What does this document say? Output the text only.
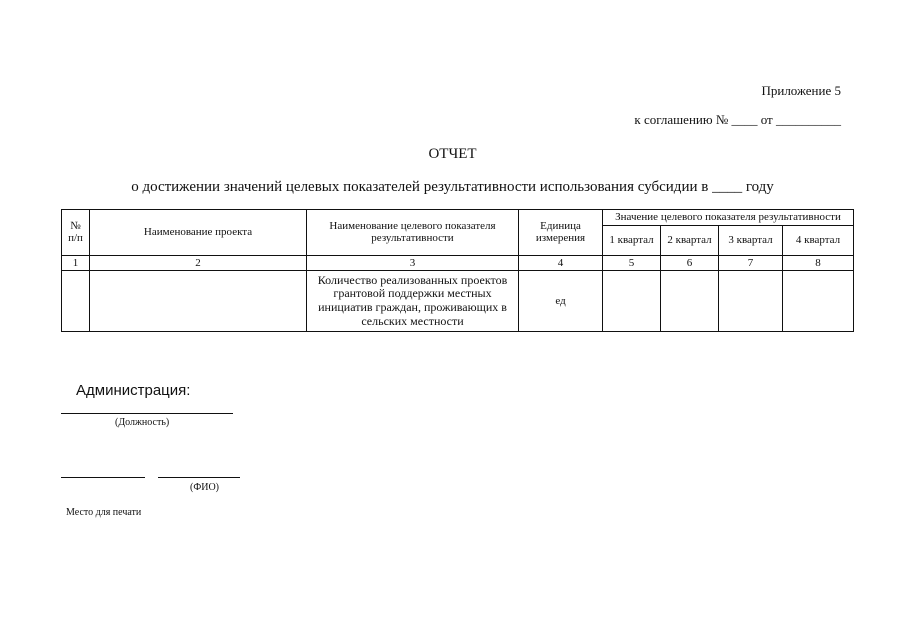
Приложение 5
к соглашению № ____ от __________
ОТЧЕТ
о достижении значений целевых показателей результативности использования субсидии в ____ году
№ п/п	Наименование проекта	Наименование целевого показателя результативности	Единица измерения	Значение целевого показателя результативности			
				1 квартал	2 квартал	3 квартал	4 квартал
1	2	3	4	5	6	7	8
		Количество реализованных проектов грантовой поддержки местных инициатив граждан, проживающих в сельских местности	ед				
Администрация:
(Должность)
(ФИО)
Место для печати
